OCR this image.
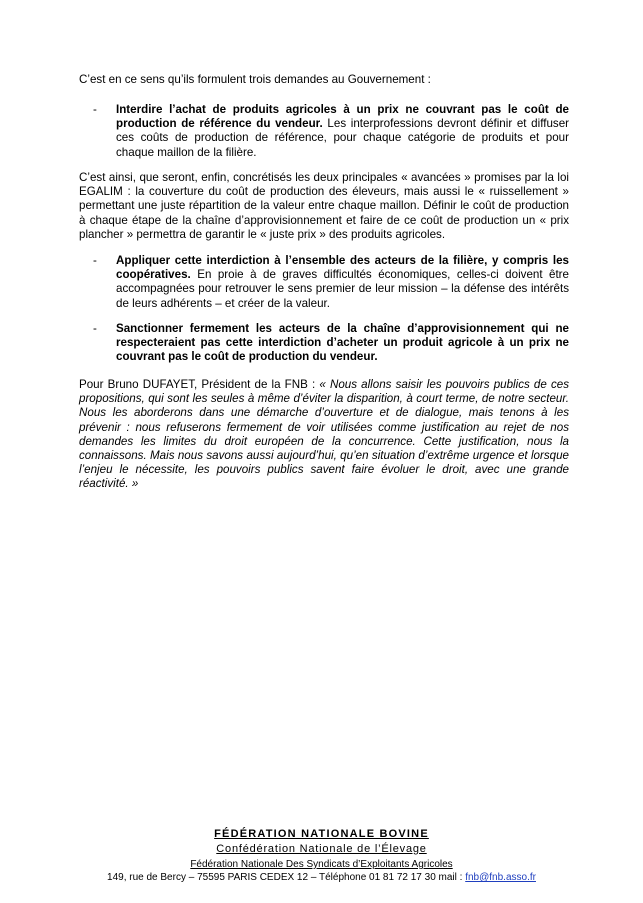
C’est en ce sens qu’ils formulent trois demandes au Gouvernement :

-	Interdire l’achat de produits agricoles à un prix ne couvrant pas le coût de production de référence du vendeur. Les interprofessions devront définir et diffuser ces coûts de production de référence, pour chaque catégorie de produits et pour chaque maillon de la filière.

C’est ainsi, que seront, enfin, concrétisés les deux principales « avancées » promises par la loi EGALIM : la couverture du coût de production des éleveurs, mais aussi le « ruissellement » permettant une juste répartition de la valeur entre chaque maillon. Définir le coût de production à chaque étape de la chaîne d’approvisionnement et faire de ce coût de production un « prix plancher » permettra de garantir le « juste prix » des produits agricoles.

-	Appliquer cette interdiction à l’ensemble des acteurs de la filière, y compris les coopératives. En proie à de graves difficultés économiques, celles-ci doivent être accompagnées pour retrouver le sens premier de leur mission – la défense des intérêts de leurs adhérents – et créer de la valeur.

-	Sanctionner fermement les acteurs de la chaîne d’approvisionnement qui ne respecteraient pas cette interdiction d’acheter un produit agricole à un prix ne couvrant pas le coût de production du vendeur.

Pour Bruno DUFAYET, Président de la FNB : « Nous allons saisir les pouvoirs publics de ces propositions, qui sont les seules à même d’éviter la disparition, à court terme, de notre secteur. Nous les aborderons dans une démarche d’ouverture et de dialogue, mais tenons à les prévenir : nous refuserons fermement de voir utilisées comme justification au rejet de nos demandes les limites du droit européen de la concurrence. Cette justification, nous la connaissons. Mais nous savons aussi aujourd’hui, qu’en situation d’extrême urgence et lorsque l’enjeu le nécessite, les pouvoirs publics savent faire évoluer le droit, avec une grande réactivité. »

FÉDÉRATION NATIONALE BOVINE
Confédération Nationale de l’Élevage
Fédération Nationale Des Syndicats d’Exploitants Agricoles
149, rue de Bercy – 75595 PARIS CEDEX 12 – Téléphone 01 81 72 17 30 mail : fnb@fnb.asso.fr
